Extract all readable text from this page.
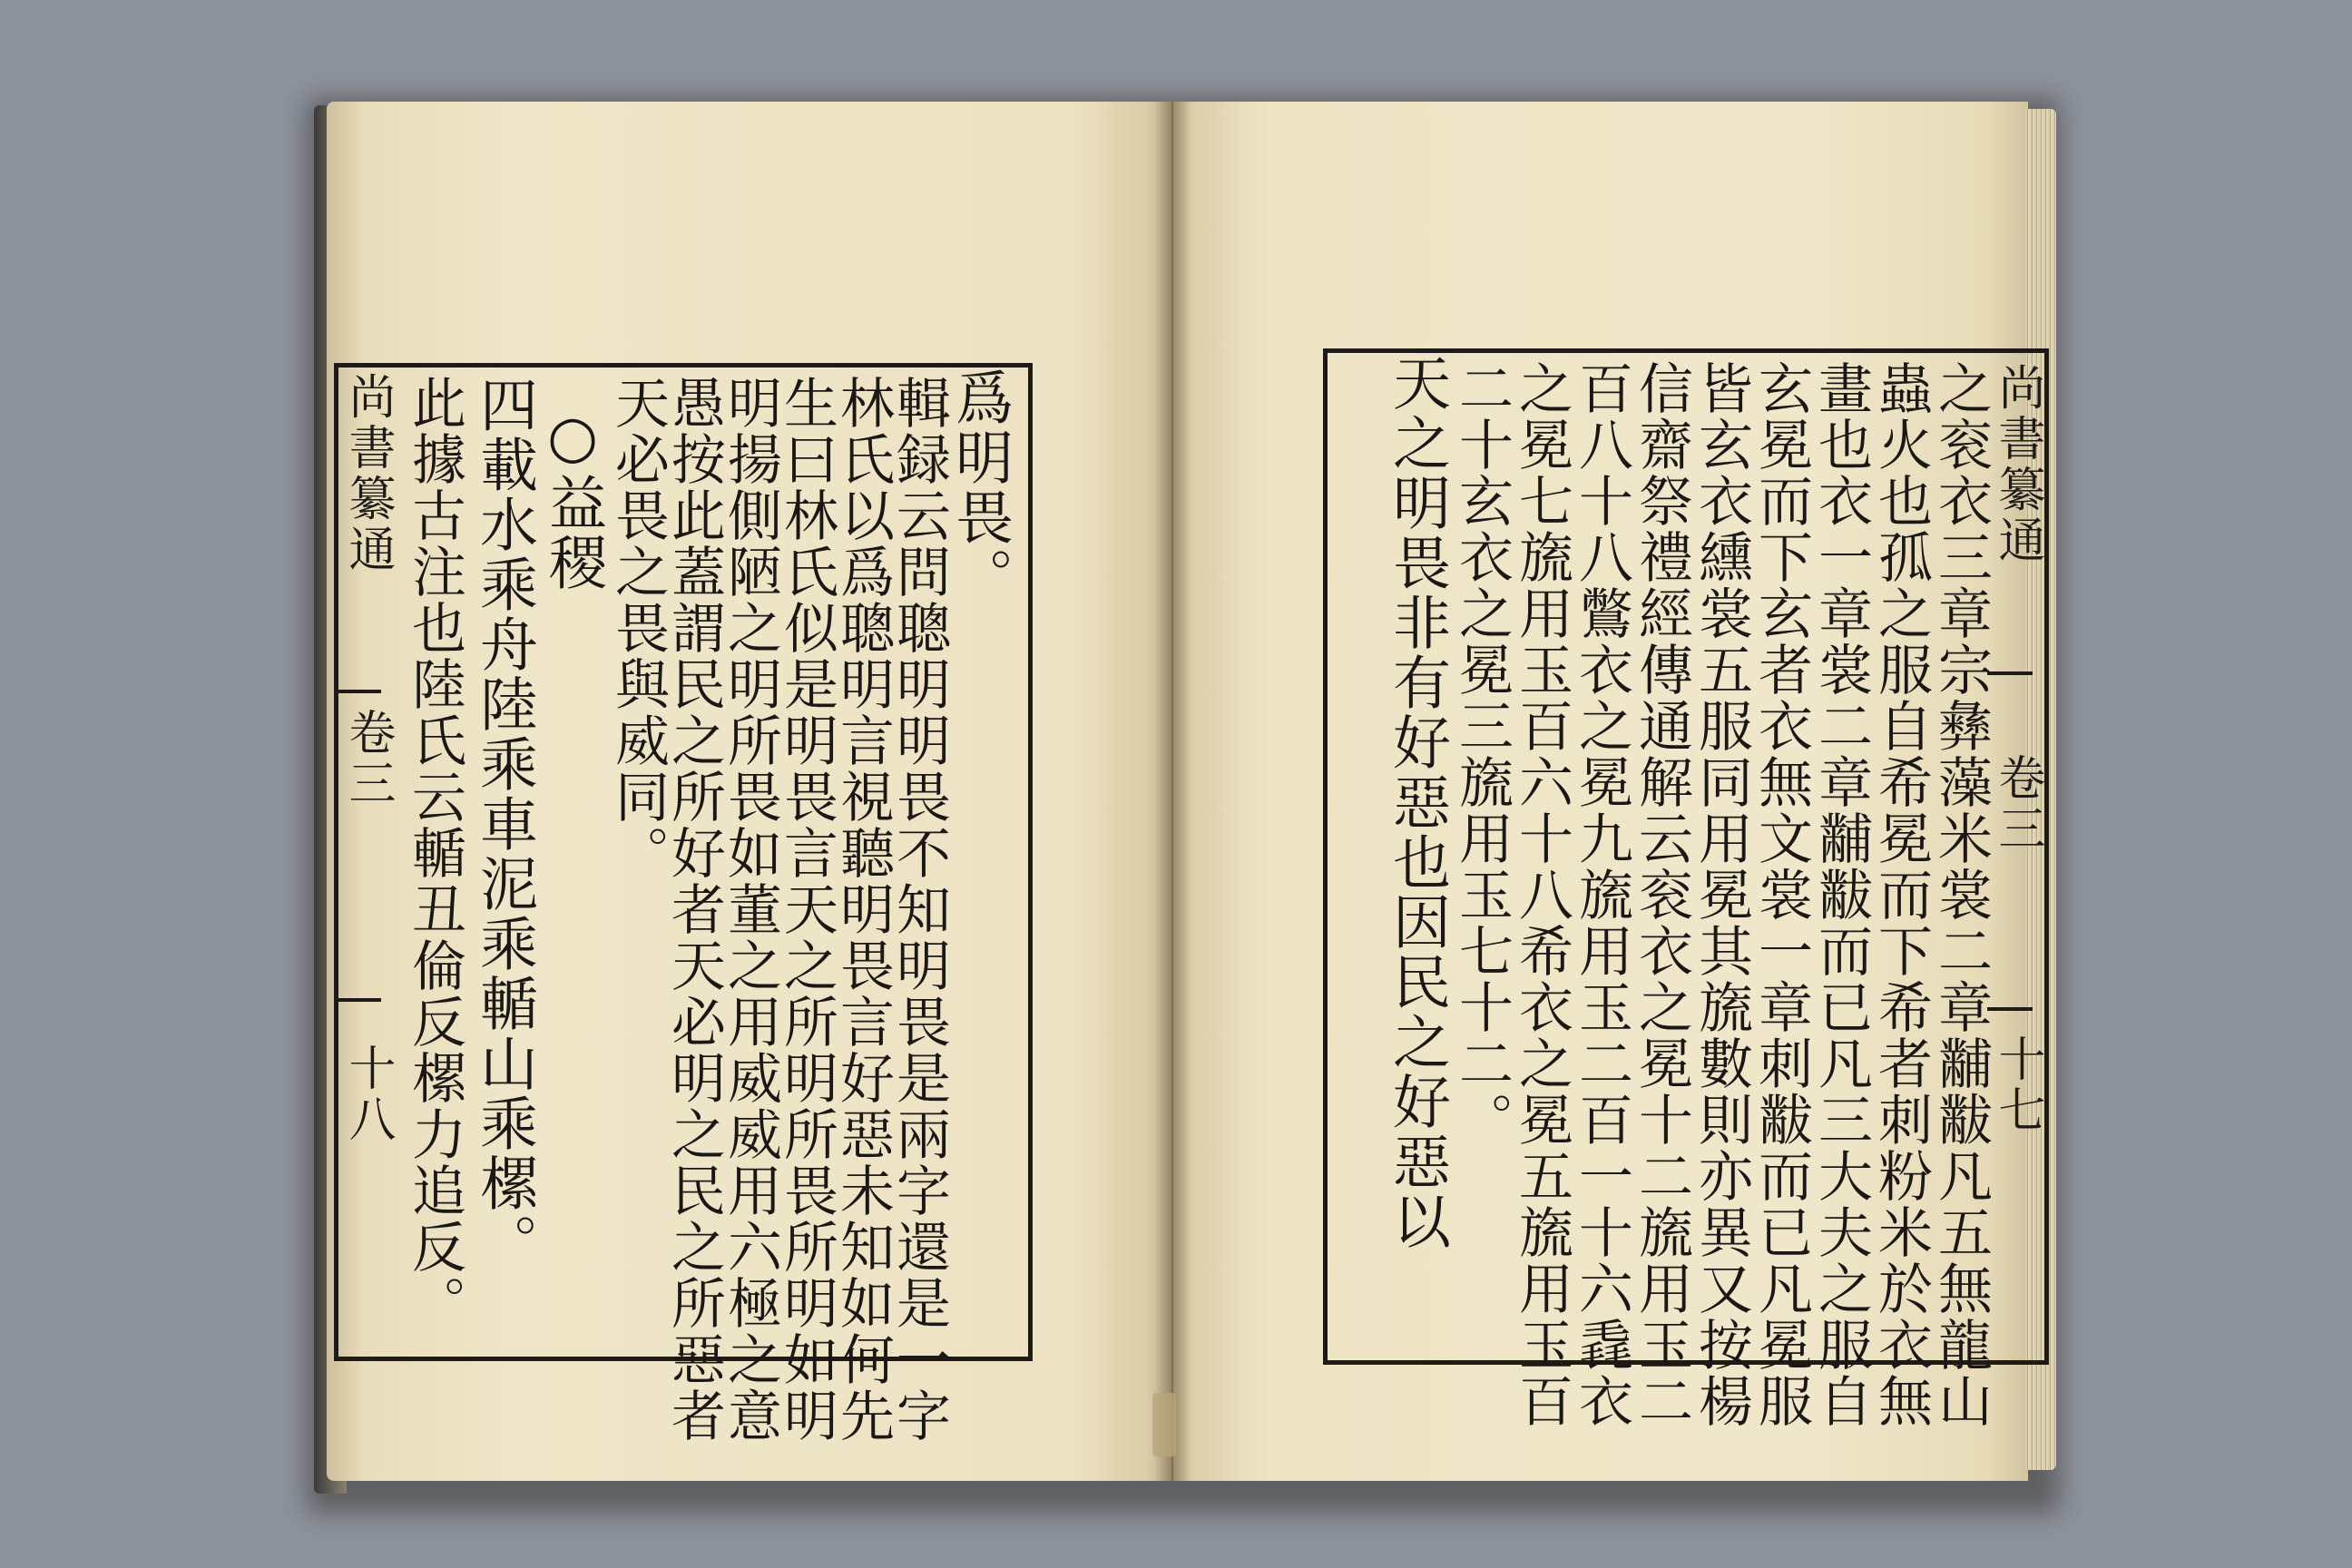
尚書纂通
卷三
十八
爲明畏。
輯録云問聰明明畏不知明畏是兩字還是一字
林氏以爲聰明言視聽明畏言好惡未知如何先
生曰林氏似是明畏言天之所明所畏所明如明
明揚側陋之明所畏如董之用威威用六極之意
愚按此蓋謂民之所好者天必明之民之所惡者
天必畏之畏與威同。
○益稷
四載水乘舟陸乘車泥乘輴山乘樏。
此據古注也陸氏云輴丑倫反樏力追反。	尚書纂通
卷三
十七
之衮衣三章宗彝藻米裳二章黼黻凡五無龍山
蟲火也孤之服自希冕而下希者刺粉米於衣無
畫也衣一章裳二章黼黻而已凡三大夫之服自
玄冕而下玄者衣無文裳一章刺黻而已凡冕服
皆玄衣纁裳五服同用冕其旒數則亦異又按楊
信齋祭禮經傳通解云衮衣之冕十二旒用玉二
百八十八鷩衣之冕九旒用玉二百一十六毳衣
之冕七旒用玉百六十八希衣之冕五旒用玉百
二十玄衣之冕三旒用玉七十二。
天之明畏非有好惡也因民之好惡以
